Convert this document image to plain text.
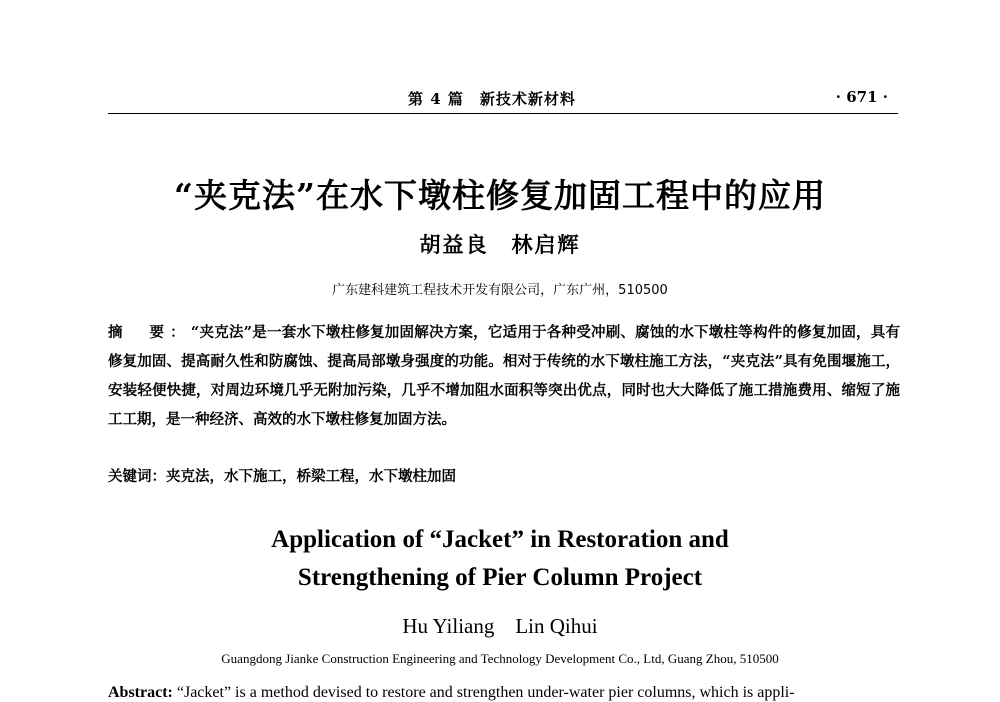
第 4 篇　新技术新材料	· 671 ·
“夹克法”在水下墩柱修复加固工程中的应用
胡益良　林启辉
广东建科建筑工程技术开发有限公司，广东广州，510500
摘　要：“夹克法”是一套水下墩柱修复加固解决方案，它适用于各种受冲刷、腐蚀的水下墩柱等构件的修复加固，具有修复加固、提高耐久性和防腐蚀、提高局部墩身强度的功能。相对于传统的水下墩柱施工方法，“夹克法”具有免围堰施工，安装轻便快捷，对周边环境几乎无附加污染，几乎不增加阻水面积等突出优点，同时也大大降低了施工措施费用、缩短了施工工期，是一种经济、高效的水下墩柱修复加固方法。
关键词：夹克法，水下施工，桥梁工程，水下墩柱加固
Application of “Jacket” in Restoration and
Strengthening of Pier Column Project
Hu Yiliang　Lin Qihui
Guangdong Jianke Construction Engineering and Technology Development Co., Ltd, Guang Zhou, 510500
Abstract: “Jacket” is a method devised to restore and strengthen under-water pier columns, which is appli-
